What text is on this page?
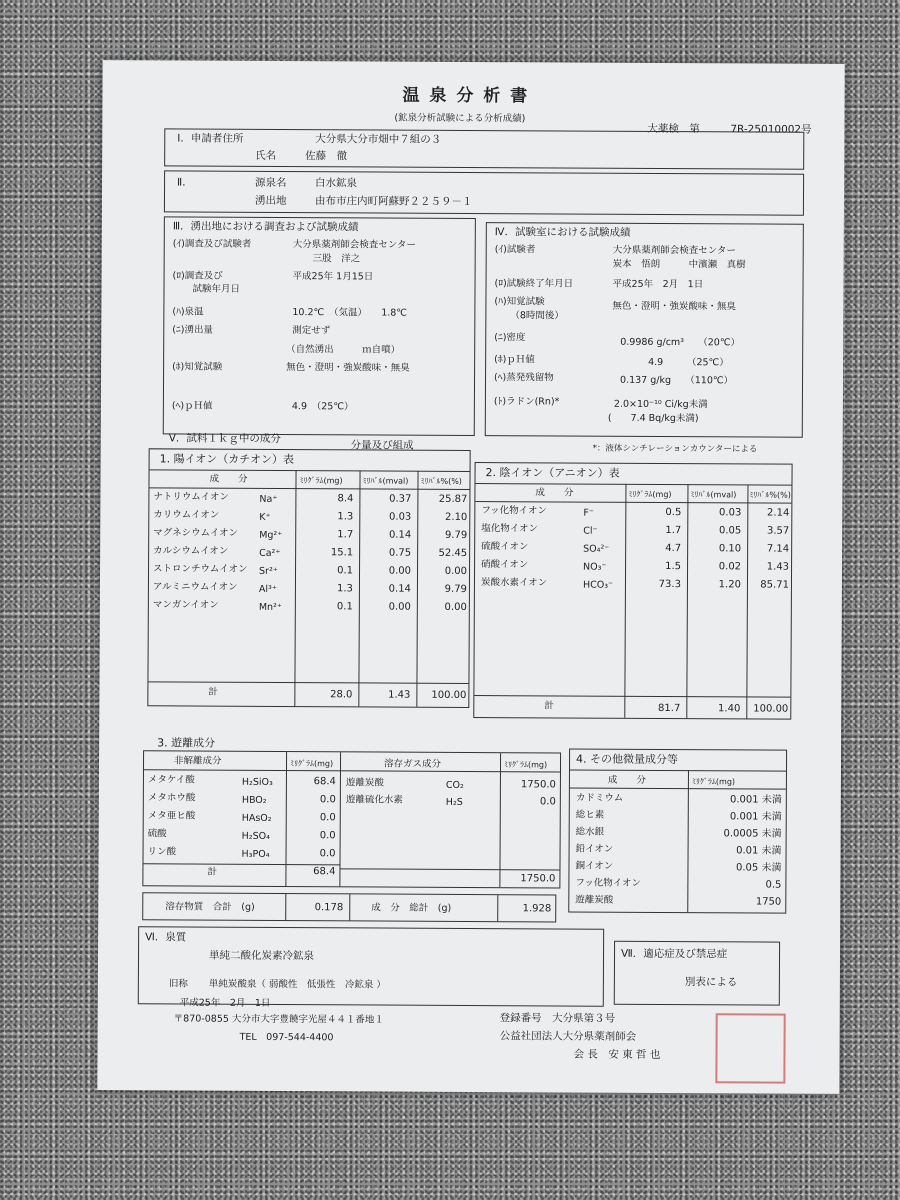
温 泉 分 析 書
(鉱泉分析試験による分析成績)
大薬検　第	7R-25010002号
Ⅰ．申請者住所	大分県大分市畑中７組の３
氏名	佐藤　徹
Ⅱ．	源泉名	白水鉱泉
湧出地	由布市庄内町阿蘇野２２５９－１
Ⅲ．湧出地における調査および試験成績
(ｲ)調査及び試験者	大分県薬剤師会検査センター
三股　洋之
(ﾛ)調査及び
試験年月日
平成25年 1月15日
(ﾊ)泉温	10.2℃　（気温）　　1.8℃
(ﾆ)湧出量	測定せず
（自然湧出　　　ｍ自噴）
(ﾎ)知覚試験	無色・澄明・強炭酸味・無臭
(ﾍ)ｐＨ値	4.9　（25℃）
Ⅳ．試験室における試験成績
(ｲ)試験者	大分県薬剤師会検査センター
炭本　悟朗　　　中濱瀬　真樹
(ﾛ)試験終了年月日	平成25年　2月　1日
(ﾊ)知覚試験
（8時間後）
無色・澄明・強炭酸味・無臭
(ﾆ)密度	0.9986 g/cm³　　（20℃）
(ﾎ)ｐＨ値	4.9　　　（25℃）
(ﾍ)蒸発残留物	0.137 g/kg　　（110℃）
(ﾄ)ラドン(Rn)*	2.0×10⁻¹⁰ Ci/kg未満
(　　7.4 Bq/kg未満)
*：液体シンチレーションカウンターによる
Ⅴ．試料１ｋｇ中の成分
分量及び組成
1. 陽イオン（カチオン）表
成　　分	ﾐﾘｸﾞﾗﾑ(mg) ﾐﾘﾊﾞﾙ(mval) ﾐﾘﾊﾞﾙ%(%)
ナトリウムイオン	Na⁺	8.4	0.37	25.87
カリウムイオン	K⁺	1.3	0.03	2.10
マグネシウムイオン Mg²⁺	1.7	0.14	9.79
カルシウムイオン	Ca²⁺	15.1	0.75	52.45
ストロンチウムイオン Sr²⁺	0.1	0.00	0.00
アルミニウムイオン Al³⁺	1.3	0.14	9.79
マンガンイオン	Mn²⁺	0.1	0.00	0.00
計	28.0	1.43	100.00
2. 陰イオン（アニオン）表
成　　分	ﾐﾘｸﾞﾗﾑ(mg) ﾐﾘﾊﾞﾙ(mval) ﾐﾘﾊﾞﾙ%(%)
フッ化物イオン	F⁻	0.5	0.03	2.14
塩化物イオン	Cl⁻	1.7	0.05	3.57
硫酸イオン	SO₄²⁻	4.7	0.10	7.14
硝酸イオン	NO₃⁻	1.5	0.02	1.43
炭酸水素イオン	HCO₃⁻	73.3	1.20	85.71
計	81.7	1.40	100.00
3. 遊離成分
非解離成分	ﾐﾘｸﾞﾗﾑ(mg)	溶存ガス成分	ﾐﾘｸﾞﾗﾑ(mg)
メタケイ酸	H₂SiO₃	68.4
メタホウ酸	HBO₂	0.0
メタ亜ヒ酸	HAsO₂	0.0
硫酸	H₂SO₄	0.0
リン酸	H₃PO₄	0.0
遊離炭酸	CO₂	1750.0
遊離硫化水素	H₂S	0.0
計	68.4
1750.0
4. その他微量成分等
成　　分	ﾐﾘｸﾞﾗﾑ(mg)
カドミウム	0.001 未満
総ヒ素	0.001 未満
総水銀	0.0005 未満
鉛イオン	0.01 未満
銅イオン	0.05 未満
フッ化物イオン	0.5
遊離炭酸	1750
溶存物質　合計　(g)	0.178	成　分　総計　(g)	1.928
Ⅵ．泉質
単純二酸化炭素冷鉱泉
旧称 単純炭酸泉（ 弱酸性　低張性　冷鉱泉 ）
Ⅶ．適応症及び禁忌症
別表による
平成25年　2月　1日
〒870-0855 大分市大字豊饒字光屋４４１番地１
TEL　097-544-4400
登録番号　大分県第３号
公益社団法人大分県薬剤師会
会 長　安 東 哲 也
